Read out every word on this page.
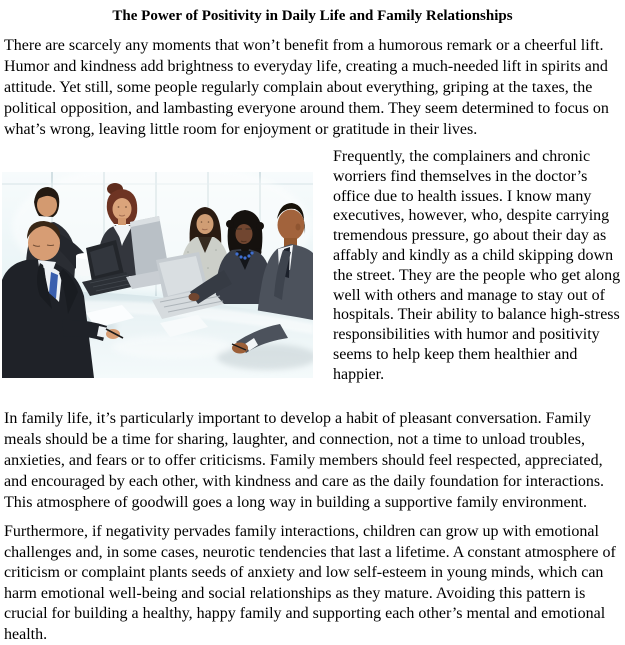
The Power of Positivity in Daily Life and Family Relationships

There are scarcely any moments that won’t benefit from a humorous remark or a cheerful lift. Humor and kindness add brightness to everyday life, creating a much-needed lift in spirits and attitude. Yet still, some people regularly complain about everything, griping at the taxes, the political opposition, and lambasting everyone around them. They seem determined to focus on what’s wrong, leaving little room for enjoyment or gratitude in their lives.

Frequently, the complainers and chronic worriers find themselves in the doctor’s office due to health issues. I know many executives, however, who, despite carrying tremendous pressure, go about their day as affably and kindly as a child skipping down the street. They are the people who get along well with others and manage to stay out of hospitals. Their ability to balance high-stress responsibilities with humor and positivity seems to help keep them healthier and happier.

In family life, it’s particularly important to develop a habit of pleasant conversation. Family meals should be a time for sharing, laughter, and connection, not a time to unload troubles, anxieties, and fears or to offer criticisms. Family members should feel respected, appreciated, and encouraged by each other, with kindness and care as the daily foundation for interactions. This atmosphere of goodwill goes a long way in building a supportive family environment.

Furthermore, if negativity pervades family interactions, children can grow up with emotional challenges and, in some cases, neurotic tendencies that last a lifetime. A constant atmosphere of criticism or complaint plants seeds of anxiety and low self-esteem in young minds, which can harm emotional well-being and social relationships as they mature. Avoiding this pattern is crucial for building a healthy, happy family and supporting each other’s mental and emotional health.
